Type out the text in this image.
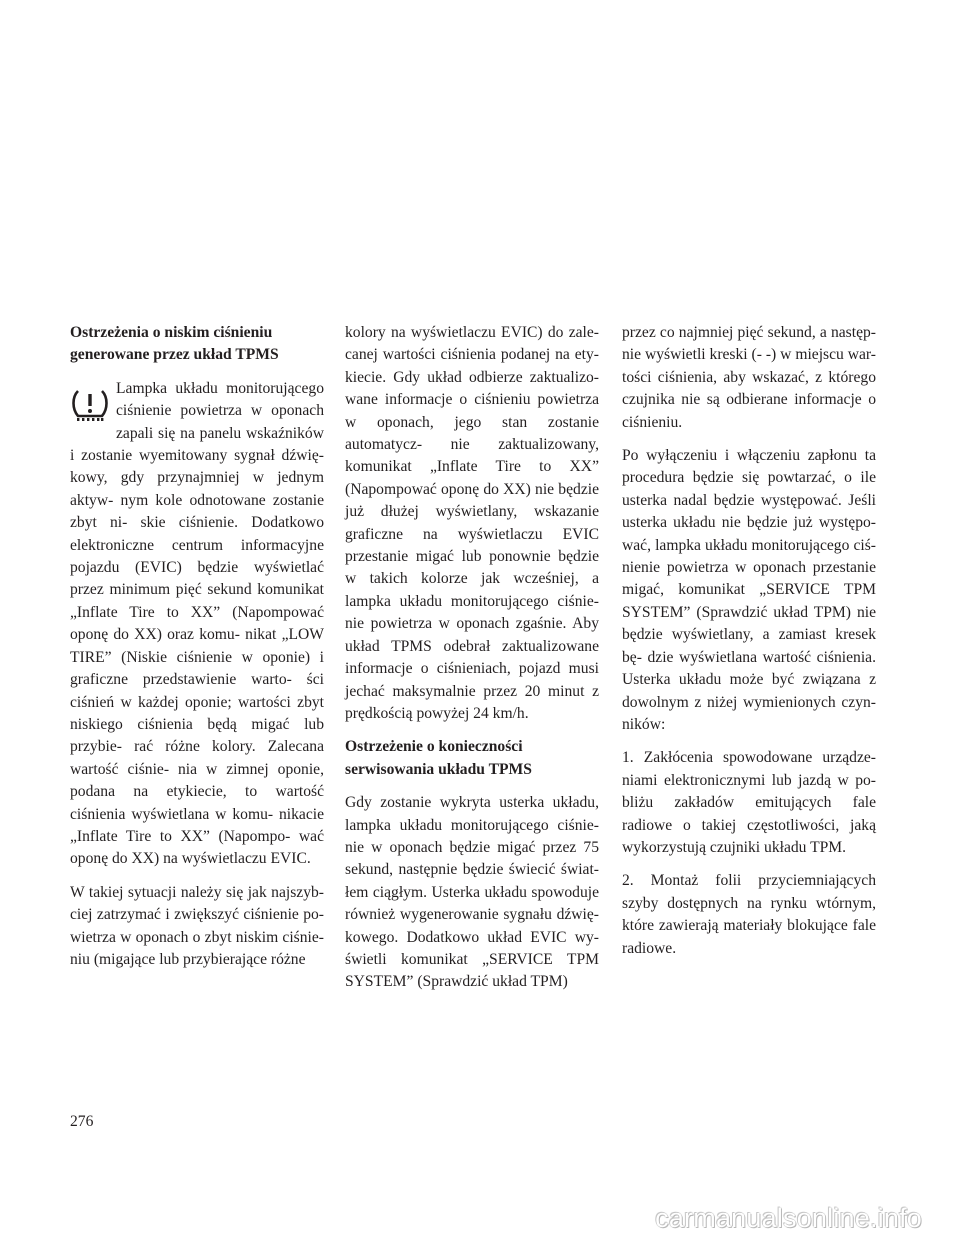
Ostrzeżenia o niskim ciśnieniu generowane przez układ TPMS
Lampka układu monitorującego ciśnienie powietrza w oponach zapali się na panelu wskaźników i zostanie wyemitowany sygnał dźwię- kowy, gdy przynajmniej w jednym aktyw- nym kole odnotowane zostanie zbyt ni- skie ciśnienie. Dodatkowo elektroniczne centrum informacyjne pojazdu (EVIC) będzie wyświetlać przez minimum pięć sekund komunikat „Inflate Tire to XX” (Napompować oponę do XX) oraz komu- nikat „LOW TIRE” (Niskie ciśnienie w oponie) i graficzne przedstawienie warto- ści ciśnień w każdej oponie; wartości zbyt niskiego ciśnienia będą migać lub przybie- rać różne kolory. Zalecana wartość ciśnie- nia w zimnej oponie, podana na etykiecie, to wartość ciśnienia wyświetlana w komu- nikacie „Inflate Tire to XX” (Napompo- wać oponę do XX) na wyświetlaczu EVIC.

W takiej sytuacji należy się jak najszyb- ciej zatrzymać i zwiększyć ciśnienie po- wietrza w oponach o zbyt niskim ciśnie- niu (migające lub przybierające różne

kolory na wyświetlaczu EVIC) do zale- canej wartości ciśnienia podanej na ety- kiecie. Gdy układ odbierze zaktualizo- wane informacje o ciśnieniu powietrza w oponach, jego stan zostanie automatycz- nie zaktualizowany, komunikat „Inflate Tire to XX” (Napompować oponę do XX) nie będzie już dłużej wyświetlany, wskazanie graficzne na wyświetlaczu EVIC przestanie migać lub ponownie będzie w takich kolorze jak wcześniej, a lampka układu monitorującego ciśnie- nie powietrza w oponach zgaśnie. Aby układ TPMS odebrał zaktualizowane informacje o ciśnieniach, pojazd musi jechać maksymalnie przez 20 minut z prędkością powyżej 24 km/h.

Ostrzeżenie o konieczności serwisowania układu TPMS

Gdy zostanie wykryta usterka układu, lampka układu monitorującego ciśnie- nie w oponach będzie migać przez 75 sekund, następnie będzie świecić świat- łem ciągłym. Usterka układu spowoduje również wygenerowanie sygnału dźwię- kowego. Dodatkowo układ EVIC wy- świetli komunikat „SERVICE TPM SYSTEM” (Sprawdzić układ TPM)

przez co najmniej pięć sekund, a następ- nie wyświetli kreski (- -) w miejscu war- tości ciśnienia, aby wskazać, z którego czujnika nie są odbierane informacje o ciśnieniu.

Po wyłączeniu i włączeniu zapłonu ta procedura będzie się powtarzać, o ile usterka nadal będzie występować. Jeśli usterka układu nie będzie już występo- wać, lampka układu monitorującego ciś- nienie powietrza w oponach przestanie migać, komunikat „SERVICE TPM SYSTEM” (Sprawdzić układ TPM) nie będzie wyświetlany, a zamiast kresek bę- dzie wyświetlana wartość ciśnienia. Usterka układu może być związana z dowolnym z niżej wymienionych czyn- ników:

1. Zakłócenia spowodowane urządze- niami elektronicznymi lub jazdą w po- bliżu zakładów emitujących fale radiowe o takiej częstotliwości, jaką wykorzystują czujniki układu TPM.

2. Montaż folii przyciemniających szyby dostępnych na rynku wtórnym, które zawierają materiały blokujące fale radiowe.

276
carmanualsonline.info
